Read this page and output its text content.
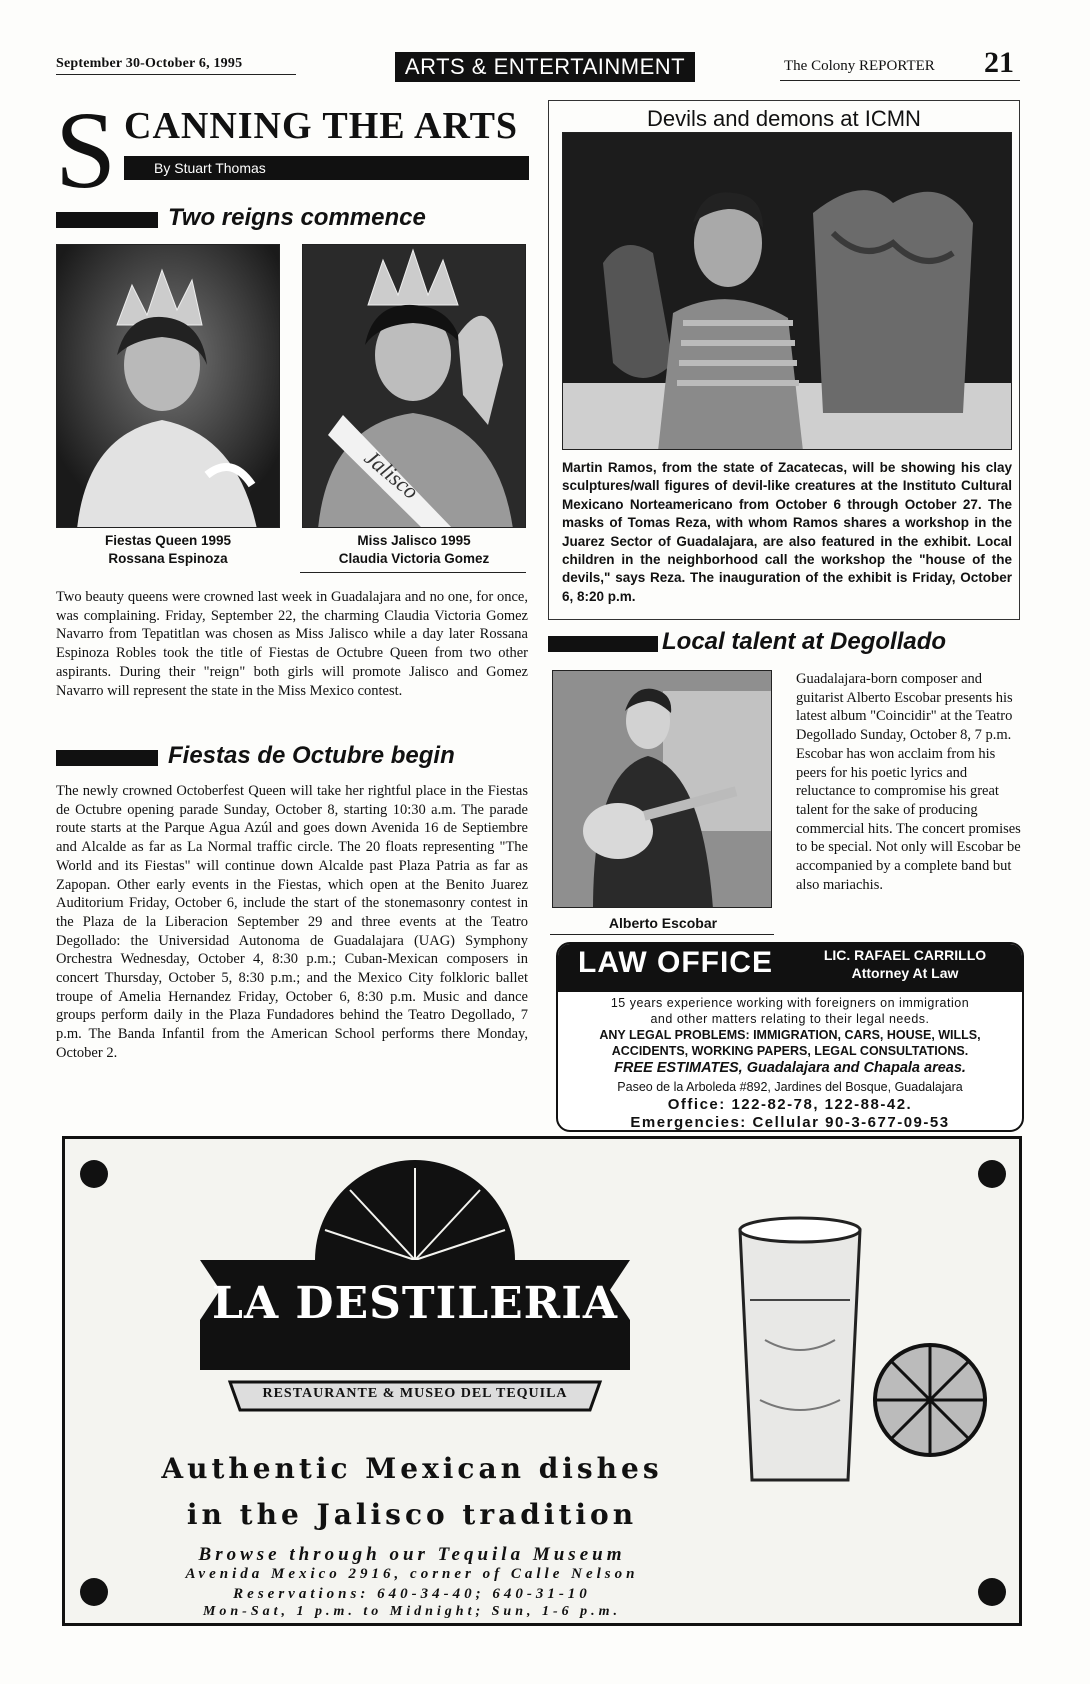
September 30-October 6, 1995	ARTS & ENTERTAINMENT	The Colony REPORTER 21
S CANNING THE ARTS
By Stuart Thomas
Two reigns commence
Jalisco
Fiestas Queen 1995
Rossana Espinoza
Miss Jalisco 1995
Claudia Victoria Gomez
Two beauty queens were crowned last week in Guadalajara and no one, for once, was complaining. Friday, September 22, the charming Claudia Victoria Gomez Navarro from Tepatitlan was chosen as Miss Jalisco while a day later Rossana Espinoza Robles took the title of Fiestas de Octubre Queen from two other aspirants. During their "reign" both girls will promote Jalisco and Gomez Navarro will represent the state in the Miss Mexico contest.
Fiestas de Octubre begin
The newly crowned Octoberfest Queen will take her rightful place in the Fiestas de Octubre opening parade Sunday, October 8, starting 10:30 a.m. The parade route starts at the Parque Agua Azúl and goes down Avenida 16 de Septiembre and Alcalde as far as La Normal traffic circle. The 20 floats representing "The World and its Fiestas" will continue down Alcalde past Plaza Patria as far as Zapopan. Other early events in the Fiestas, which open at the Benito Juarez Auditorium Friday, October 6, include the start of the stonemasonry contest in the Plaza de la Liberacion September 29 and three events at the Teatro Degollado: the Universidad Autonoma de Guadalajara (UAG) Symphony Orchestra Wednesday, October 4, 8:30 p.m.; Cuban-Mexican composers in concert Thursday, October 5, 8:30 p.m.; and the Mexico City folkloric ballet troupe of Amelia Hernandez Friday, October 6, 8:30 p.m. Music and dance groups perform daily in the Plaza Fundadores behind the Teatro Degollado, 7 p.m. The Banda Infantil from the American School performs there Monday, October 2.
Devils and demons at ICMN
Martin Ramos, from the state of Zacatecas, will be showing his clay sculptures/wall figures of devil-like creatures at the Instituto Cultural Mexicano Norteamericano from October 6 through October 27. The masks of Tomas Reza, with whom Ramos shares a workshop in the Juarez Sector of Guadalajara, are also featured in the exhibit. Local children in the neighborhood call the workshop the "house of the devils," says Reza. The inauguration of the exhibit is Friday, October 6, 8:20 p.m.
Local talent at Degollado
Alberto Escobar
Guadalajara-born composer and guitarist Alberto Escobar presents his latest album "Coincidir" at the Teatro Degollado Sunday, October 8, 7 p.m. Escobar has won acclaim from his peers for his poetic lyrics and reluctance to compromise his great talent for the sake of producing commercial hits. The concert promises to be special. Not only will Escobar be accompanied by a complete band but also mariachis.
LAW OFFICE	LIC. RAFAEL CARRILLO
Attorney At Law
15 years experience working with foreigners on immigration
and other matters relating to their legal needs.
ANY LEGAL PROBLEMS: IMMIGRATION, CARS, HOUSE, WILLS,
ACCIDENTS, WORKING PAPERS, LEGAL CONSULTATIONS.
FREE ESTIMATES, Guadalajara and Chapala areas.
Paseo de la Arboleda #892, Jardines del Bosque, Guadalajara
Office: 122-82-78, 122-88-42.
Emergencies: Cellular 90-3-677-09-53
LA DESTILERIA
RESTAURANTE & MUSEO DEL TEQUILA
Authentic Mexican dishes
in the Jalisco tradition
Browse through our Tequila Museum
Avenida Mexico 2916, corner of Calle Nelson
Reservations: 640-34-40; 640-31-10
Mon-Sat, 1 p.m. to Midnight; Sun, 1-6 p.m.
